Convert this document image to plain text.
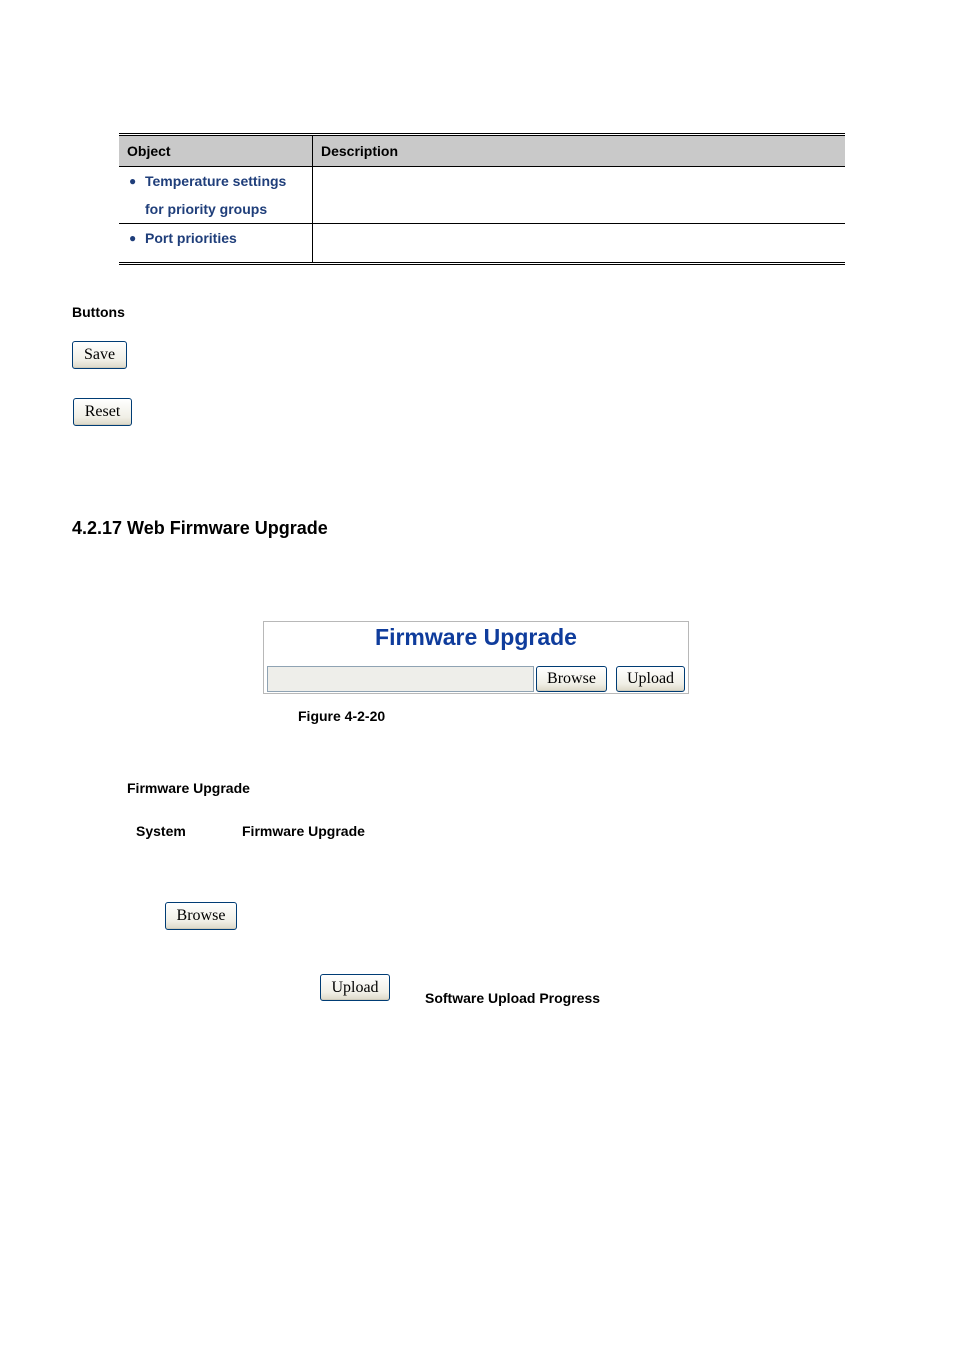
Object	Description

● Temperature settings
for priority groups	

● Port priorities	

Buttons
Save
Reset
4.2.17 Web Firmware Upgrade
Firmware Upgrade
Browse	Upload
Figure 4-2-20
Firmware Upgrade
System	Firmware Upgrade
Browse
Upload
Software Upload Progress
